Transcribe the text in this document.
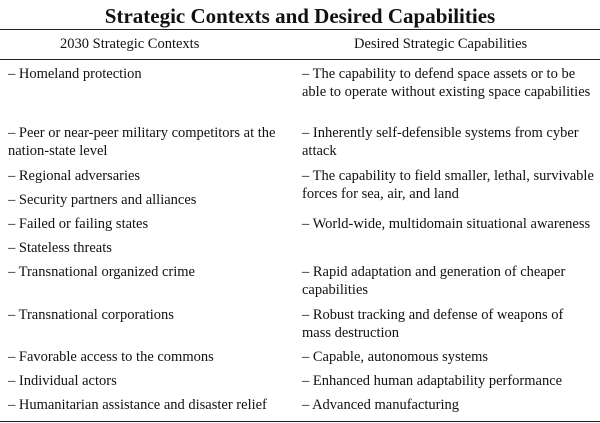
Strategic Contexts and Desired Capabilities
2030 Strategic Contexts	Desired Strategic Capabilities
– Homeland protection
– Peer or near-peer military competitors at the nation-state level
– Regional adversaries
– Security partners and alliances
– Failed or failing states
– Stateless threats
– Transnational organized crime
– Transnational corporations
– Favorable access to the commons
– Individual actors
– Humanitarian assistance and disaster relief
– The capability to defend space assets or to be able to operate without existing space capabilities
– Inherently self-defensible systems from cyber attack
– The capability to field smaller, lethal, survivable forces for sea, air, and land
– World-wide, multidomain situational awareness
– Rapid adaptation and generation of cheaper capabilities
– Robust tracking and defense of weapons of mass destruction
– Capable, autonomous systems
– Enhanced human adaptability performance
– Advanced manufacturing
